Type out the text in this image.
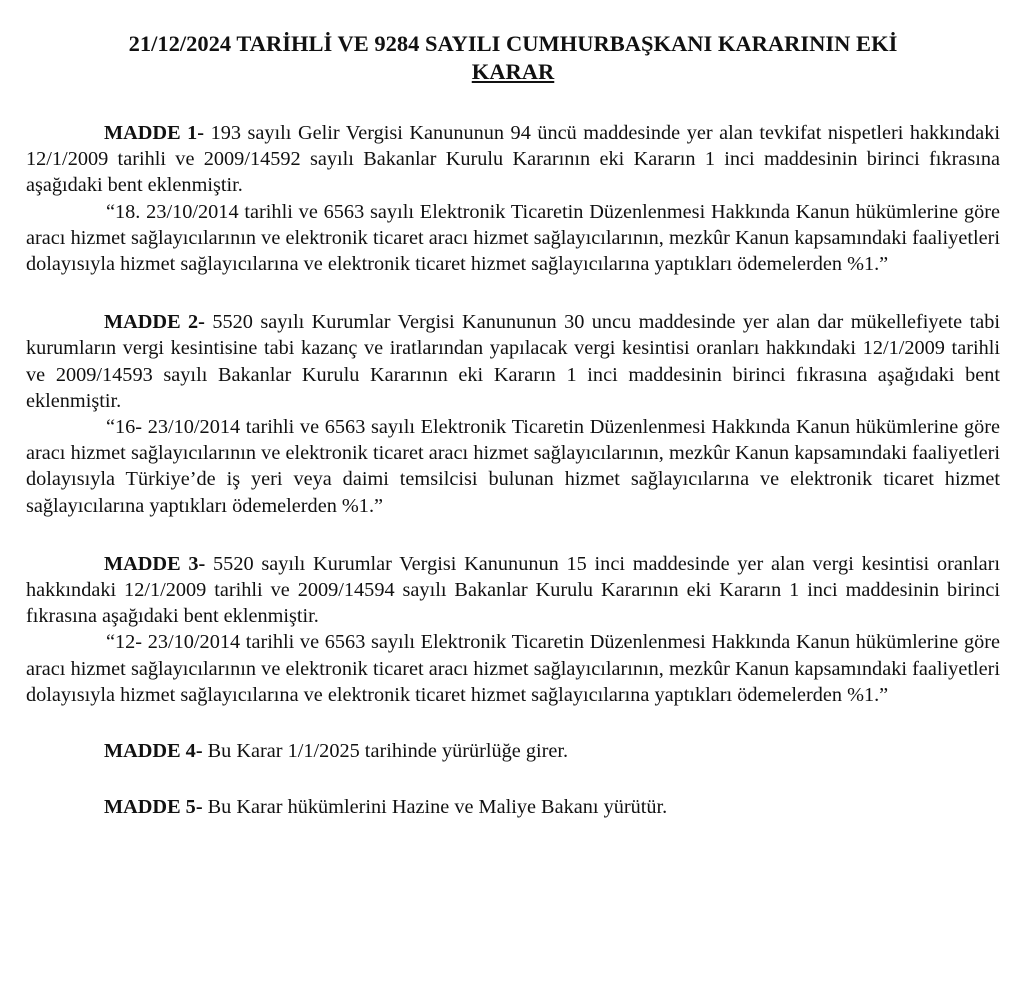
21/12/2024 TARİHLİ VE 9284 SAYILI CUMHURBAŞKANI KARARININ EKİ
KARAR

MADDE 1- 193 sayılı Gelir Vergisi Kanununun 94 üncü maddesinde yer alan tevkifat nispetleri hakkındaki 12/1/2009 tarihli ve 2009/14592 sayılı Bakanlar Kurulu Kararının eki Kararın 1 inci maddesinin birinci fıkrasına aşağıdaki bent eklenmiştir.

“18. 23/10/2014 tarihli ve 6563 sayılı Elektronik Ticaretin Düzenlenmesi Hakkında Kanun hükümlerine göre aracı hizmet sağlayıcılarının ve elektronik ticaret aracı hizmet sağlayıcılarının, mezkûr Kanun kapsamındaki faaliyetleri dolayısıyla hizmet sağlayıcılarına ve elektronik ticaret hizmet sağlayıcılarına yaptıkları ödemelerden %1.”

MADDE 2- 5520 sayılı Kurumlar Vergisi Kanununun 30 uncu maddesinde yer alan dar mükellefiyete tabi kurumların vergi kesintisine tabi kazanç ve iratlarından yapılacak vergi kesintisi oranları hakkındaki 12/1/2009 tarihli ve 2009/14593 sayılı Bakanlar Kurulu Kararının eki Kararın 1 inci maddesinin birinci fıkrasına aşağıdaki bent eklenmiştir.

“16- 23/10/2014 tarihli ve 6563 sayılı Elektronik Ticaretin Düzenlenmesi Hakkında Kanun hükümlerine göre aracı hizmet sağlayıcılarının ve elektronik ticaret aracı hizmet sağlayıcılarının, mezkûr Kanun kapsamındaki faaliyetleri dolayısıyla Türkiye’de iş yeri veya daimi temsilcisi bulunan hizmet sağlayıcılarına ve elektronik ticaret hizmet sağlayıcılarına yaptıkları ödemelerden %1.”

MADDE 3- 5520 sayılı Kurumlar Vergisi Kanununun 15 inci maddesinde yer alan vergi kesintisi oranları hakkındaki 12/1/2009 tarihli ve 2009/14594 sayılı Bakanlar Kurulu Kararının eki Kararın 1 inci maddesinin birinci fıkrasına aşağıdaki bent eklenmiştir.

“12- 23/10/2014 tarihli ve 6563 sayılı Elektronik Ticaretin Düzenlenmesi Hakkında Kanun hükümlerine göre aracı hizmet sağlayıcılarının ve elektronik ticaret aracı hizmet sağlayıcılarının, mezkûr Kanun kapsamındaki faaliyetleri dolayısıyla hizmet sağlayıcılarına ve elektronik ticaret hizmet sağlayıcılarına yaptıkları ödemelerden %1.”

MADDE 4- Bu Karar 1/1/2025 tarihinde yürürlüğe girer.

MADDE 5- Bu Karar hükümlerini Hazine ve Maliye Bakanı yürütür.
